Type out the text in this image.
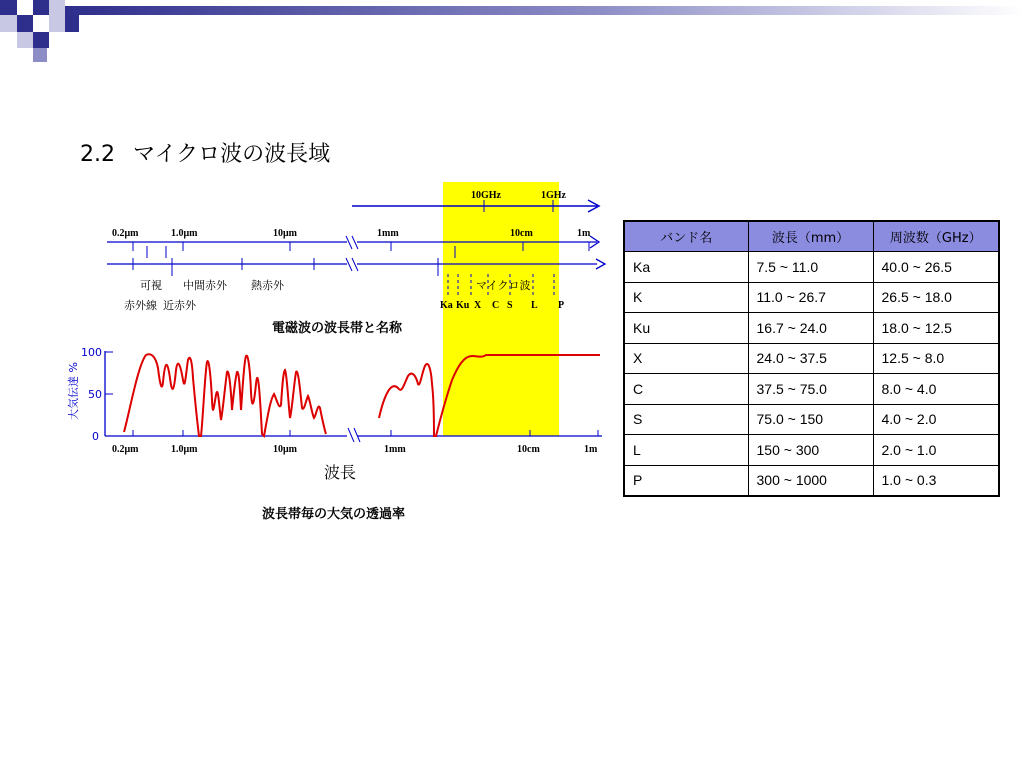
2.2 マイクロ波の波長域
10GHz	1GHz
0.2μm	1.0μm	10μm	1mm	10cm	1m
可視 中間赤外 熱赤外
赤外線 近赤外
マイクロ波
Ka Ku X C S L P
電磁波の波長帯と名称
大気伝達 %
100
50
0
0.2μm	1.0μm	10μm	1mm	10cm	1m
波長
波長帯毎の大気の透過率
バンド名	波長（mm）	周波数（GHz）
Ka	7.5 ~ 11.0	40.0 ~ 26.5
K	11.0 ~ 26.7	26.5 ~ 18.0
Ku	16.7 ~ 24.0	18.0 ~ 12.5
X	24.0 ~ 37.5	12.5 ~ 8.0
C	37.5 ~ 75.0	8.0 ~ 4.0
S	75.0 ~ 150	4.0 ~ 2.0
L	150 ~ 300	2.0 ~ 1.0
P	300 ~ 1000	1.0 ~ 0.3
